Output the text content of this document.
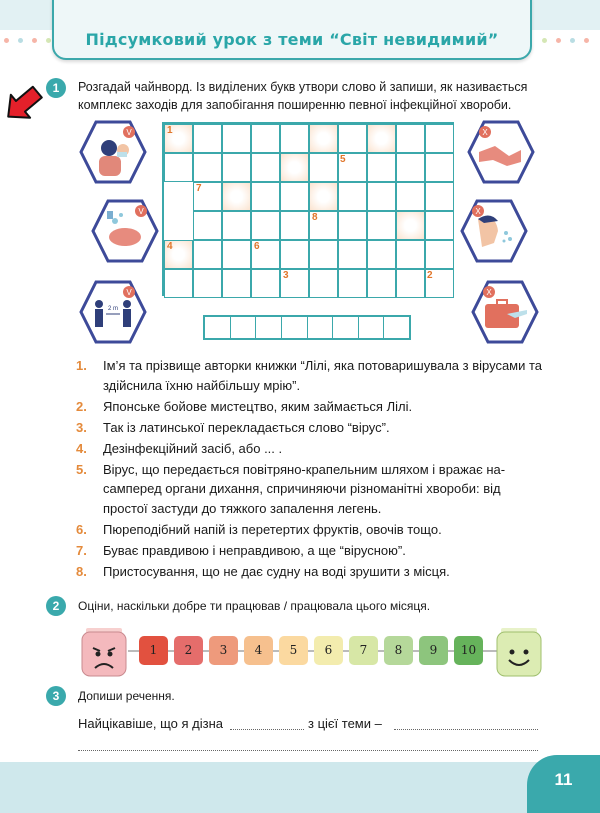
Підсумковий урок з теми “Світ невидимий”
1	Розгадай чайнворд. Із виділених букв утвори слово й запиши, як називається комплекс заходів для запобігання поширенню певної інфекційної хвороби.
V
V
2 m
V
X
X
X
1
5
7
8
4	6
3	2
1. Ім’я та прізвище авторки книжки “Лілі, яка потоваришувала з вірусами та здійснила їхню найбільшу мрію”.
2. Японське бойове мистецтво, яким займається Лілі.
3. Так із латинської перекладається слово “вірус”.
4. Дезінфекційний засіб, або ... .
5. Вірус, що передається повітряно-крапельним шляхом і вражає насамперед органи дихання, спричиняючи різноманітні хвороби: від простої застуди до тяжкого запалення легень.
6. Пюреподібний напій із перетертих фруктів, овочів тощо.
7. Буває правдивою і неправдивою, а ще “вірусною”.
8. Пристосування, що не дає судну на воді зрушити з місця.
2	Оціни, наскільки добре ти працював / працювала цього місяця.
1	2	3	4	5	6	7	8	9	10
3	Допиши речення.
Найцікавіше, що я дізна	з цієї теми –
11
